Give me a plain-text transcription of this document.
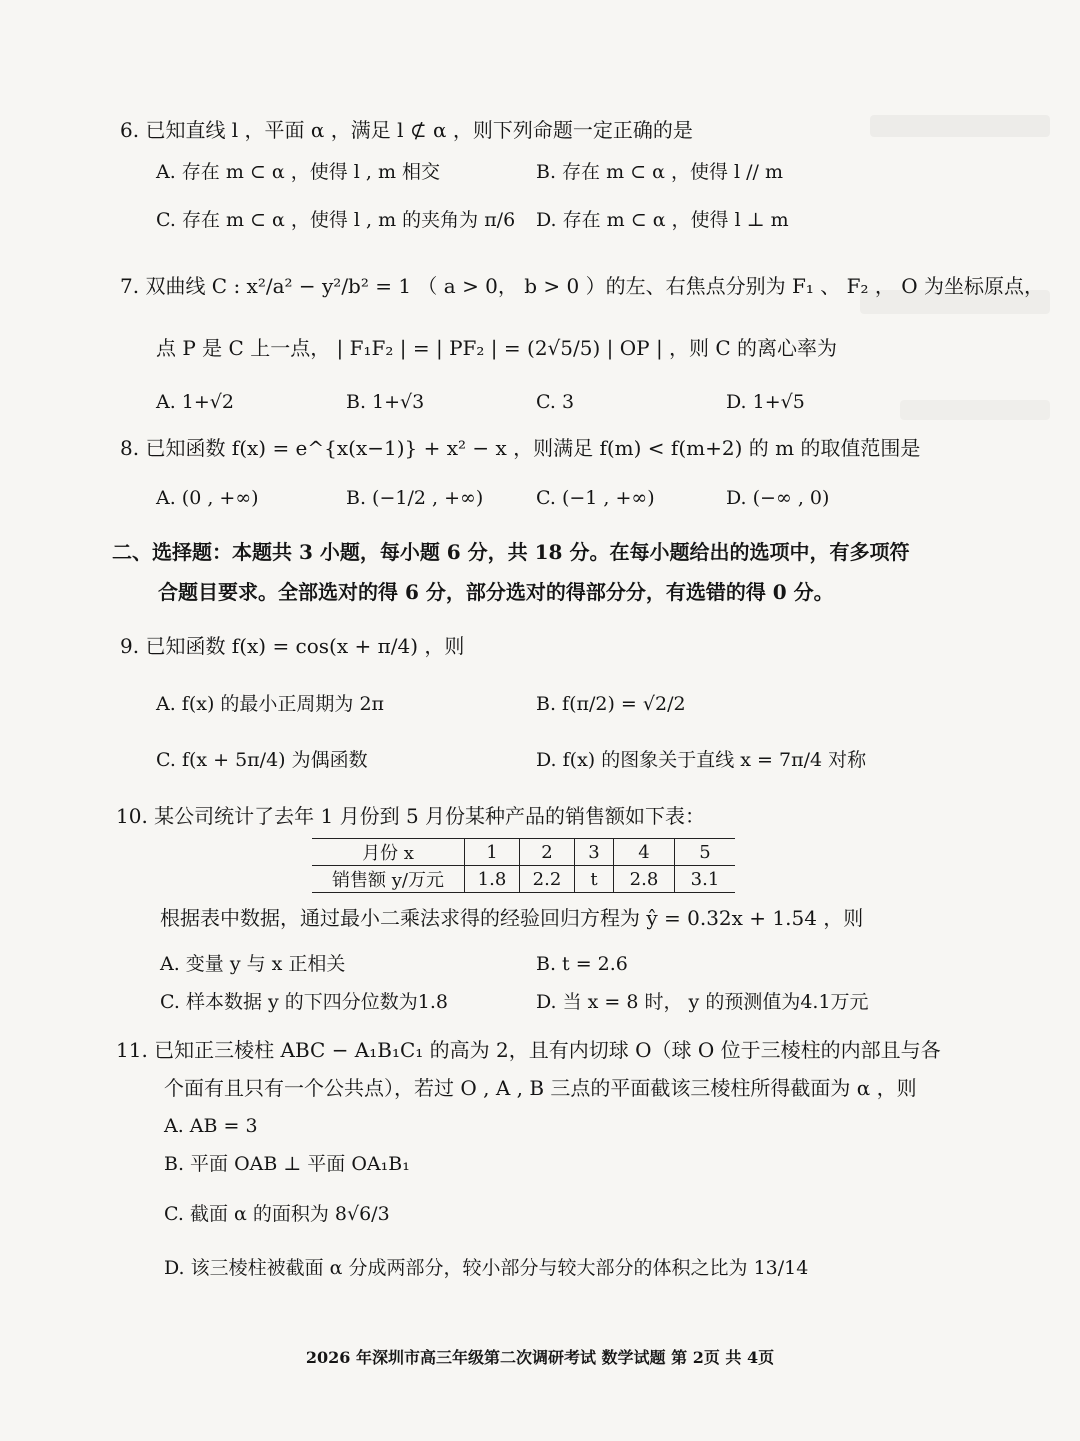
6. 已知直线 l ，平面 α ，满足 l ⊄ α ，则下列命题一定正确的是
A. 存在 m ⊂ α ，使得 l , m 相交	B. 存在 m ⊂ α ，使得 l // m
C. 存在 m ⊂ α ，使得 l , m 的夹角为 π/6 D. 存在 m ⊂ α ，使得 l ⊥ m
7. 双曲线 C : x²/a² − y²/b² = 1 （ a > 0， b > 0 ）的左、右焦点分别为 F₁ 、 F₂ ， O 为坐标原点，
点 P 是 C 上一点， | F₁F₂ | = | PF₂ | = (2√5/5) | OP | ，则 C 的离心率为
A. 1+√2	B. 1+√3	C. 3	D. 1+√5
8. 已知函数 f(x) = e^{x(x−1)} + x² − x ，则满足 f(m) < f(m+2) 的 m 的取值范围是
A. (0 , +∞)	B. (−1/2 , +∞)	C. (−1 , +∞)	D. (−∞ , 0)
二、选择题：本题共 3 小题，每小题 6 分，共 18 分。在每小题给出的选项中，有多项符
合题目要求。全部选对的得 6 分，部分选对的得部分分，有选错的得 0 分。
9. 已知函数 f(x) = cos(x + π/4) ，则
A. f(x) 的最小正周期为 2π	B. f(π/2) = √2/2
C. f(x + 5π/4) 为偶函数	D. f(x) 的图象关于直线 x = 7π/4 对称
10. 某公司统计了去年 1 月份到 5 月份某种产品的销售额如下表：
月份 x	1	2	3	4	5
销售额 y/万元	1.8	2.2	t	2.8	3.1
根据表中数据，通过最小二乘法求得的经验回归方程为 ŷ = 0.32x + 1.54 ，则
A. 变量 y 与 x 正相关	B. t = 2.6
C. 样本数据 y 的下四分位数为1.8	D. 当 x = 8 时， y 的预测值为4.1万元
11. 已知正三棱柱 ABC − A₁B₁C₁ 的高为 2，且有内切球 O（球 O 位于三棱柱的内部且与各
个面有且只有一个公共点），若过 O , A , B 三点的平面截该三棱柱所得截面为 α ，则
A. AB = 3
B. 平面 OAB ⊥ 平面 OA₁B₁
C. 截面 α 的面积为 8√6/3
D. 该三棱柱被截面 α 分成两部分，较小部分与较大部分的体积之比为 13/14
2026 年深圳市高三年级第二次调研考试 数学试题 第 2页 共 4页
